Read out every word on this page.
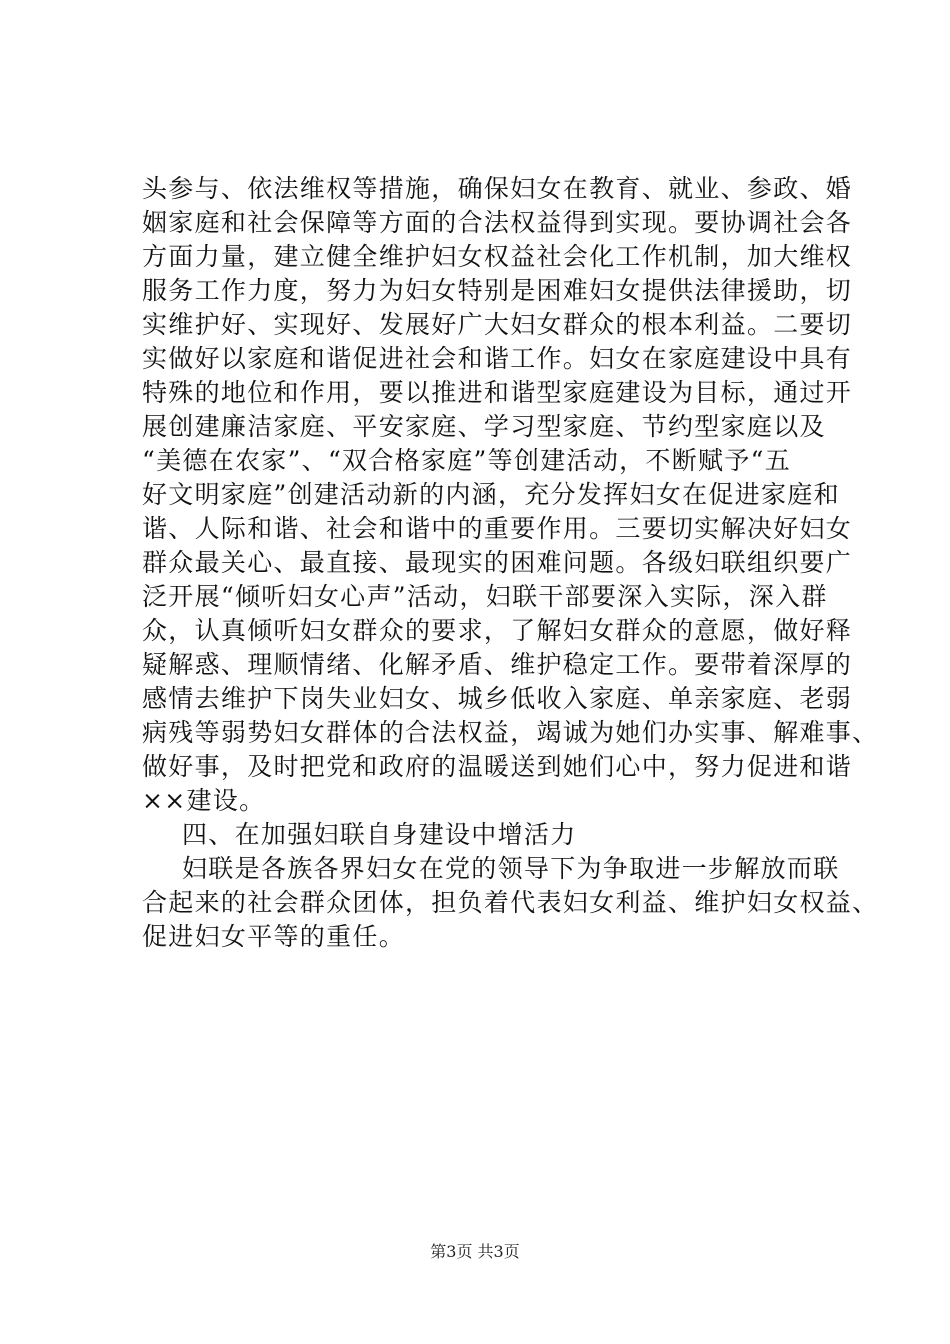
头参与、依法维权等措施，确保妇女在教育、就业、参政、婚
姻家庭和社会保障等方面的合法权益得到实现。要协调社会各
方面力量，建立健全维护妇女权益社会化工作机制，加大维权
服务工作力度，努力为妇女特别是困难妇女提供法律援助，切
实维护好、实现好、发展好广大妇女群众的根本利益。二要切
实做好以家庭和谐促进社会和谐工作。妇女在家庭建设中具有
特殊的地位和作用，要以推进和谐型家庭建设为目标，通过开
展创建廉洁家庭、平安家庭、学习型家庭、节约型家庭以及
“美德在农家”、“双合格家庭”等创建活动，不断赋予“五
好文明家庭”创建活动新的内涵，充分发挥妇女在促进家庭和
谐、人际和谐、社会和谐中的重要作用。三要切实解决好妇女
群众最关心、最直接、最现实的困难问题。各级妇联组织要广
泛开展“倾听妇女心声”活动，妇联干部要深入实际，深入群
众，认真倾听妇女群众的要求，了解妇女群众的意愿，做好释
疑解惑、理顺情绪、化解矛盾、维护稳定工作。要带着深厚的
感情去维护下岗失业妇女、城乡低收入家庭、单亲家庭、老弱
病残等弱势妇女群体的合法权益，竭诚为她们办实事、解难事、
做好事，及时把党和政府的温暖送到她们心中，努力促进和谐
××建设。
四、在加强妇联自身建设中增活力
妇联是各族各界妇女在党的领导下为争取进一步解放而联
合起来的社会群众团体，担负着代表妇女利益、维护妇女权益、
促进妇女平等的重任。
第3页 共3页
